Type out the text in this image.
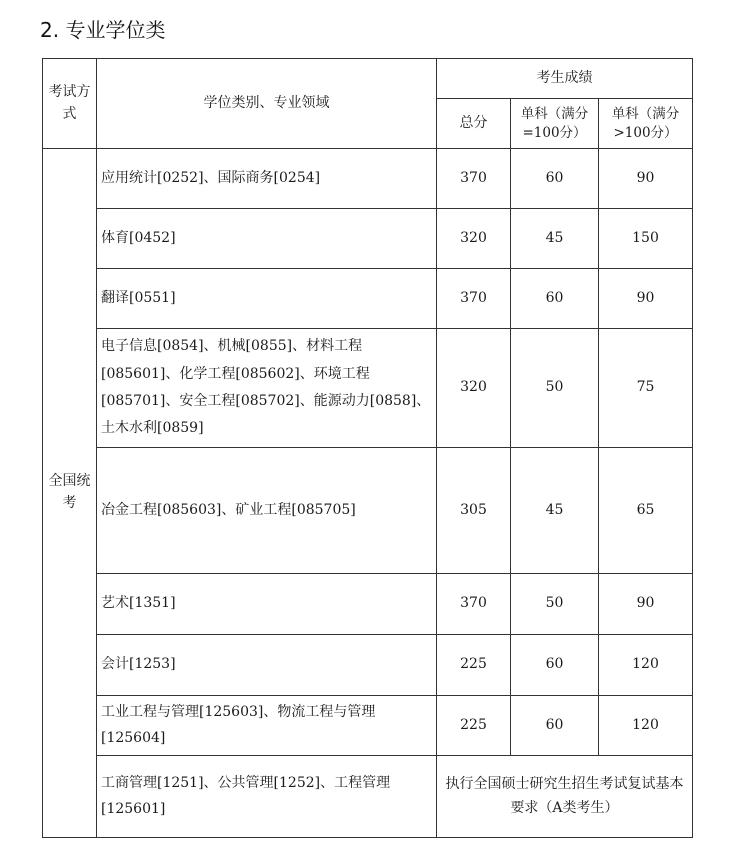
2. 专业学位类
考试方式	学位类别、专业领域	考生成绩		
		总分	单科（满分=100分）	单科（满分>100分）
全国统考	应用统计[0252]、国际商务[0254]	370	60	90
	体育[0452]	320	45	150
	翻译[0551]	370	60	90
	电子信息[0854]、机械[0855]、材料工程[085601]、化学工程[085602]、环境工程[085701]、安全工程[085702]、能源动力[0858]、土木水利[0859]	320	50	75
	冶金工程[085603]、矿业工程[085705]	305	45	65
	艺术[1351]	370	50	90
	会计[1253]	225	60	120
	工业工程与管理[125603]、物流工程与管理[125604]	225	60	120
	工商管理[1251]、公共管理[1252]、工程管理[125601]	执行全国硕士研究生招生考试复试基本要求（A类考生）		
